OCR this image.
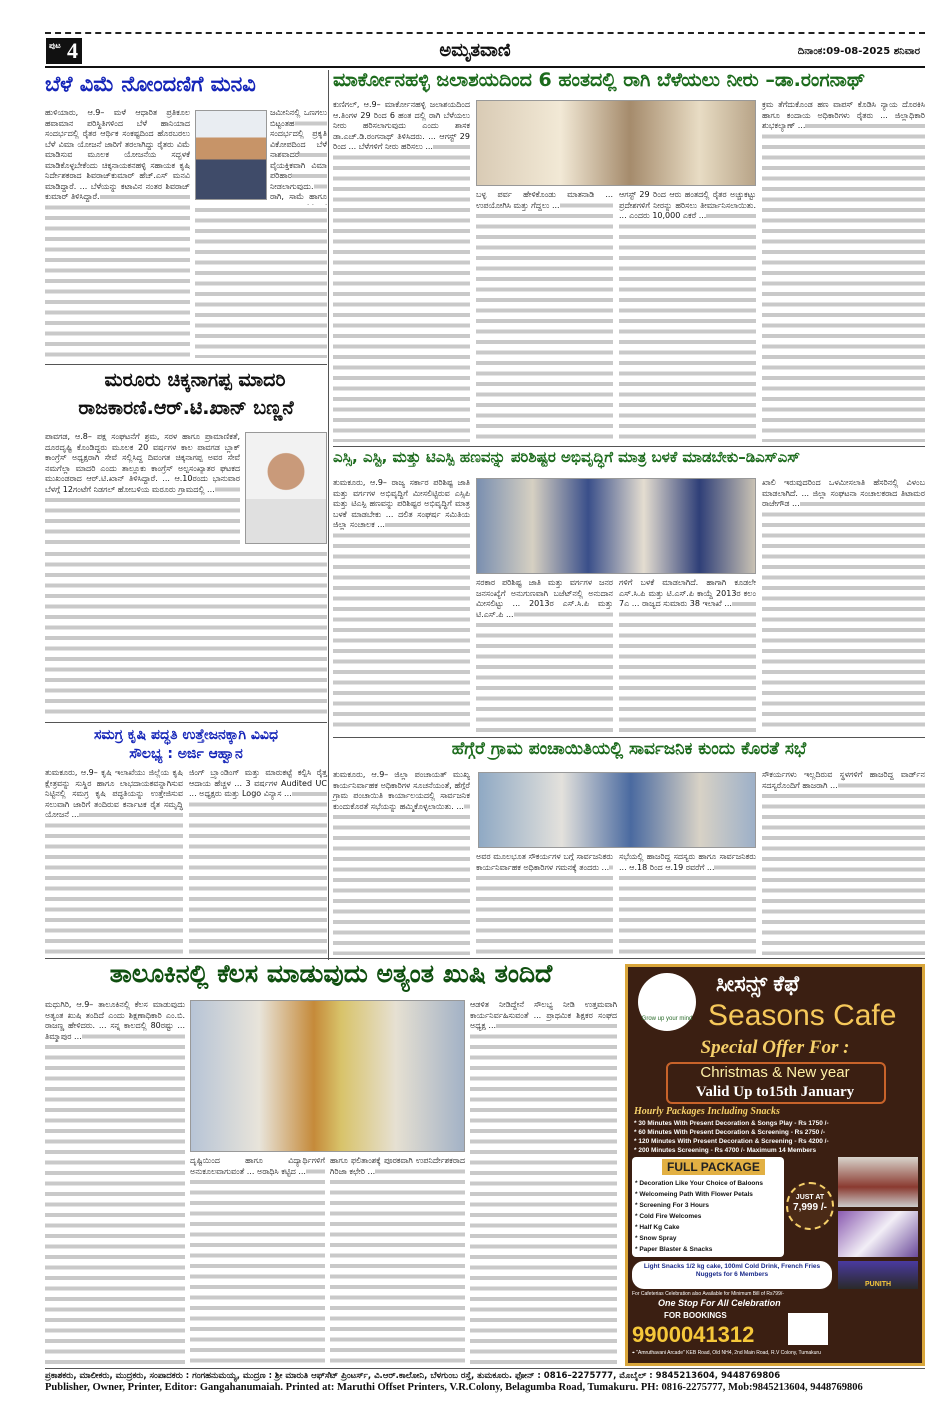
ಪುಟ 4	ಅಮೃತವಾಣಿ	ದಿನಾಂಕ:09-08-2025 ಶನಿವಾರ
ಬೆಳೆ ವಿಮೆ ನೋಂದಣಿಗೆ ಮನವಿ
ಹುಳಿಯಾರು, ಆ.9– ಮಳೆ ಆಧಾರಿತ ಪ್ರತಿಕೂಲ ಹವಾಮಾನ ಪರಿಸ್ಥಿತಿಗಳಿಂದ ಬೆಳೆ ಹಾನಿಯಾದ ಸಂದರ್ಭದಲ್ಲಿ ರೈತರ ಆರ್ಥಿಕ ಸಂಕಷ್ಟದಿಂದ ಹೊರಬರಲು ಬೆಳೆ ವಿಮಾ ಯೋಜನೆ ಜಾರಿಗೆ ತರಲಾಗಿದ್ದು ರೈತರು ವಿಮೆ ಮಾಡಿಸುವ ಮೂಲಕ ಯೋಜನೆಯ ಸದ್ಬಳಕೆ ಮಾಡಿಕೊಳ್ಳಬೇಕೆಂದು ಚಿಕ್ಕನಾಯಕನಹಳ್ಳಿ ಸಹಾಯಕ ಕೃಷಿ ನಿರ್ದೇಶಕರಾದ ಶಿವರಾಜ್‌ಕುಮಾರ್ ಹೆಚ್.ಎಸ್ ಮನವಿ ಮಾಡಿದ್ದಾರೆ. ... ಬೆಳೆಯನ್ನು ಕಟಾವಿನ ನಂತರ ಶಿವರಾಜ್ ಕುಮಾರ್ ತಿಳಿಸಿದ್ದಾರೆ.
ಜಮೀನಿನಲ್ಲಿ ಒಣಗಲು ಬಿಟ್ಟಂತಹ ಸಂದರ್ಭದಲ್ಲಿ ಪ್ರಕೃತಿ ವಿಕೋಪದಿಂದ ಬೆಳೆ ನಾಶವಾದರೆ ವೈಯಕ್ತಿಕವಾಗಿ ವಿಮಾ ಪರಿಹಾರ ನೀಡಲಾಗುವುದು. ರಾಗಿ, ಸಾಮೆ ಹಾಗೂ
ಮರೂರು ಚಿಕ್ಕನಾಗಪ್ಪ ಮಾದರಿ
ರಾಜಕಾರಣಿ.ಆರ್.ಟಿ.ಖಾನ್ ಬಣ್ಣನೆ
ಪಾವಗಡ, ಆ.8– ಪಕ್ಷ ಸಂಘಟನೆಗೆ ಶ್ರಮ, ಸರಳ ಹಾಗೂ ಪ್ರಾಮಾಣಿಕತೆ, ದೂರದೃಷ್ಟಿ ಕೊಂಡಿದ್ದರು ಮೂಲಕ 20 ವರ್ಷಗಳ ಕಾಲ ಪಾವಗಡ ಬ್ಲಾಕ್ ಕಾಂಗ್ರೆಸ್ ಅಧ್ಯಕ್ಷರಾಗಿ ಸೇವೆ ಸಲ್ಲಿಸಿದ್ದ ದಿವಂಗತ ಚಿಕ್ಕನಾಗಪ್ಪ ಅವರ ಸೇವೆ ನಮಗೆಲ್ಲಾ ಮಾದರಿ ಎಂದು ತಾಲ್ಲೂಕು ಕಾಂಗ್ರೆಸ್ ಅಲ್ಪಸಂಖ್ಯಾತರ ಘಟಕದ ಮುಖಂಡರಾದ ಆರ್.ಟಿ.ಖಾನ್ ತಿಳಿಸಿದ್ದಾರೆ. ... ಆ.10ರಂದು ಭಾನುವಾರ ಬೆಳಗ್ಗೆ 12ಗಂಟೆಗೆ ನಿಡಗಲ್ ಹೋಬಳಿಯ ಮರೂರು ಗ್ರಾಮದಲ್ಲಿ ...
ಸಮಗ್ರ ಕೃಷಿ ಪದ್ಧತಿ ಉತ್ತೇಜನಕ್ಕಾಗಿ ವಿವಿಧ
ಸೌಲಭ್ಯ : ಅರ್ಜಿ ಆಹ್ವಾನ
ತುಮಕೂರು, ಆ.9– ಕೃಷಿ ಇಲಾಖೆಯು ಜಿಲ್ಲೆಯ ಕೃಷಿ ಕ್ಷೇತ್ರವನ್ನು ಸುಸ್ಥಿರ ಹಾಗೂ ಲಾಭದಾಯಕವನ್ನಾಗಿಸುವ ನಿಟ್ಟಿನಲ್ಲಿ ಸಮಗ್ರ ಕೃಷಿ ಪದ್ಧತಿಯನ್ನು ಉತ್ತೇಜಿಸುವ ಸಲುವಾಗಿ ಜಾರಿಗೆ ತಂದಿರುವ ಕರ್ನಾಟಕ ರೈತ ಸಮೃದ್ಧಿ ಯೋಜನೆ ...
ಜಿಂಗ್ ಬ್ರ್ಯಾಂಡಿಂಗ್ ಮತ್ತು ಮಾರುಕಟ್ಟೆ ಕಲ್ಪಿಸಿ ರೈತ್ತ ಆದಾಯ ಹೆಚ್ಚಳ ... 3 ವರ್ಷಗಳ Audited UC ... ಅಧ್ಯಕ್ಷರು ಮತ್ತು Logo ವಿನ್ಯಾಸ ...
ಮಾರ್ಕೋನಹಳ್ಳಿ ಜಲಾಶಯದಿಂದ 6 ಹಂತದಲ್ಲಿ ರಾಗಿ ಬೆಳೆಯಲು ನೀರು –ಡಾ.ರಂಗನಾಥ್
ಕುಣಿಗಲ್, ಆ.9– ಮಾರ್ಕೋನಹಳ್ಳಿ ಜಲಾಶಯದಿಂದ ಆ.ತಿಂಗಳ 29 ರಿಂದ 6 ಹಂತ ದಲ್ಲಿ ರಾಗಿ ಬೆಳೆಯಲು ನೀರು ಹರಿಸಲಾಗುವುದು ಎಂದು ಶಾಸಕ ಡಾ.ಎಚ್.ಡಿ.ರಂಗನಾಥ್ ತಿಳಿಸಿದರು. ... ಆಗಸ್ಟ್ 29 ರಿಂದ ... ಬೆಳೆಗಳಿಗೆ ನೀರು ಹರಿಸಲು ...
ಬಳ್ಳ ಪರ್ವ ಹೇಳಿಕೊಂಡು ಮಾತನಾಡಿ ... ಉಪಯೋಗಿಸಿ ಮತ್ತು ಗೆದ್ದಲು ...
ಆಗಸ್ಟ್ 29 ರಿಂದ ಆರು ಹಂತದಲ್ಲಿ ರೈತರ ಅಚ್ಚುಕಟ್ಟು ಪ್ರದೇಶಗಳಿಗೆ ನೀರನ್ನು ಹರಿಸಲು ತೀರ್ಮಾನಿಸಲಾಯಿತು. ... ಎಂದರು 10,000 ಎಕರೆ ...
ಕ್ರಮ ತೆಗೆದುಕೊಂಡ ಹಣ ವಾಪಸ್ ಕೊಡಿಸಿ ನ್ಯಾಯ ದೊರಕಿಸಿ ಹಾಗೂ ಕಂದಾಯ ಅಧಿಕಾರಿಗಳು ರೈತರು ... ಜಿಲ್ಲಾಧಿಕಾರಿ ಶುಭಕಲ್ಯಾಣ್ ...
ಎಸ್ಸಿ, ಎಸ್ಟಿ, ಮತ್ತು ಟಿಎಸ್ಪಿ ಹಣವನ್ನು ಪರಿಶಿಷ್ಟರ ಅಭಿವೃದ್ಧಿಗೆ ಮಾತ್ರ ಬಳಕೆ ಮಾಡಬೇಕು–ಡಿಎಸ್‌ಎಸ್
ತುಮಕೂರು, ಆ.9– ರಾಜ್ಯ ಸರ್ಕಾರ ಪರಿಶಿಷ್ಟ ಜಾತಿ ಮತ್ತು ವರ್ಗಗಳ ಅಭಿವೃದ್ಧಿಗೆ ಮೀಸಲಿಟ್ಟಿರುವ ಎಸ್ಸಿಪಿ ಮತ್ತು ಟಿಎಸ್ಪಿ ಹಣವನ್ನು ಪರಿಶಿಷ್ಟರ ಅಭಿವೃದ್ಧಿಗೆ ಮಾತ್ರ ಬಳಕೆ ಮಾಡಬೇಕು ... ದಲಿತ ಸಂಘರ್ಷ ಸಮಿತಿಯ ಜಿಲ್ಲಾ ಸಂಚಾಲಕ ...
ಸರಕಾರ ಪರಿಶಿಷ್ಟ ಜಾತಿ ಮತ್ತು ವರ್ಗಗಳ ಜನರ ಜನಸಂಖ್ಯೆಗೆ ಅನುಗುಣವಾಗಿ ಬಜೆಟ್‌ನಲ್ಲಿ ಅನುದಾನ ಮೀಸಲಿಟ್ಟು ... 2013ರ ಎಸ್.ಸಿ.ಪಿ ಮತ್ತು ಟಿ.ಎಸ್.ಪಿ ...
ಗಳಿಗೆ ಬಳಕೆ ಮಾಡಲಾಗಿದೆ. ಹಾಗಾಗಿ ಕೂಡಲೇ ಎಸ್.ಸಿ.ಪಿ ಮತ್ತು ಟಿ.ಎಸ್.ಪಿ ಕಾಯ್ದೆ 2013ರ ಕಲಂ 7ಎ ... ರಾಜ್ಯದ ಸುಮಾರು 38 ಇಲಾಖೆ ...
ಖಾಲಿ ಇರುವುದರಿಂದ ಒಳಮೀಸಲಾತಿ ಹೆಸರಿನಲ್ಲಿ ವಿಳಂಬ ಮಾಡಲಾಗಿದೆ. ... ಜಿಲ್ಲಾ ಸಂಘಟನಾ ಸಂಚಾಲಕರಾದ ತಿಟಾಮರ ರಾಜೇಗೌಡ ...
ಹೆಗ್ಗೆರೆ ಗ್ರಾಮ ಪಂಚಾಯಿತಿಯಲ್ಲಿ ಸಾರ್ವಜನಿಕ ಕುಂದು ಕೊರತೆ ಸಭೆ
ತುಮಕೂರು, ಆ.9– ಜಿಲ್ಲಾ ಪಂಚಾಯತ್ ಮುಖ್ಯ ಕಾರ್ಯನಿರ್ವಾಹಕ ಅಧಿಕಾರಿಗಳ ಸೂಚನೆಯಂತೆ, ಹೆಗ್ಗೆರೆ ಗ್ರಾಮ ಪಂಚಾಯಿತಿ ಕಾರ್ಯಾಲಯದಲ್ಲಿ ಸಾರ್ವಜನಿಕ ಕುಂದುಕೊರತೆ ಸಭೆಯನ್ನು ಹಮ್ಮಿಕೊಳ್ಳಲಾಯಿತು. ...
ಅವರ ಮೂಲಭೂತ ಸೌಕರ್ಯಗಳ ಬಗ್ಗೆ ಸಾರ್ವಜನಿಕರು ಕಾರ್ಯನಿರ್ವಾಹಕ ಅಧಿಕಾರಿಗಳ ಗಮನಕ್ಕೆ ತಂದರು ...
ಸಭೆಯಲ್ಲಿ ಹಾಜರಿದ್ದ ಸದಸ್ಯರು ಹಾಗೂ ಸಾರ್ವಜನಿಕರು ... ಆ.18 ರಿಂದ ಆ.19 ರವರೆಗೆ ...
ಸೌಕರ್ಯಗಳು ಇಲ್ಲದಿರುವ ಸ್ಥಳಗಳಿಗೆ ಹಾಜರಿದ್ದ ವಾರ್ಡ್‌ನ ಸದಸ್ಯರೊಂದಿಗೆ ಹಾಜರಾಗಿ ...
ತಾಲೂಕಿನಲ್ಲಿ ಕೆಲಸ ಮಾಡುವುದು ಅತ್ಯಂತ ಖುಷಿ ತಂದಿದೆ
ಮಧುಗಿರಿ, ಆ.9– ತಾಲೂಕಿನಲ್ಲಿ ಕೆಲಸ ಮಾಡುವುದು ಅತ್ಯಂತ ಖುಷಿ ತಂದಿದೆ ಎಂದು ಶಿಕ್ಷಣಾಧಿಕಾರಿ ಎಂ.ಬಿ. ರಾಜಣ್ಣ ಹೇಳಿದರು. ... ಸನ್ನ ಕಾಲದಲ್ಲಿ 80ರಷ್ಟು ... ತಿಮ್ಮಾಪುರ ...
ದೃಷ್ಟಿಯಿಂದ ಹಾಗೂ ವಿದ್ಯಾರ್ಥಿಗಳಿಗೆ ಅನುಕೂಲವಾಗುವಂತೆ ... ಅರಾಧಿಸಿ ಕಟ್ಟಿದ ...
ಹಾಗೂ ಫಲಿತಾಂಶಕ್ಕೆ ಪೂರಕವಾಗಿ ಉಪನಿರ್ದೇಶಕರಾದ ಗಿರಿಜಾ ಕಛೇರಿ ...
ಆಡಳಿತ ನೀಡಿದ್ದೇನೆ ಸೌಲಭ್ಯ ನೀಡಿ ಉತ್ತಮವಾಗಿ ಕಾರ್ಯನಿರ್ವಹಿಸುವಂತೆ ... ಪ್ರಾಥಮಿಕ ಶಿಕ್ಷಕರ ಸಂಘದ ಅಧ್ಯಕ್ಷ ...
Grow up your mind
ಸೀಸನ್ಸ್ ಕೆಫೆ
Seasons Cafe
Special Offer For :
Christmas & New year
Valid Up to15th January
Hourly Packages Including Snacks
* 30 Minutes With Present Decoration & Songs Play - Rs 1750 /-
* 60 Minutes With Present Decoration & Screening - Rs 2750 /-
* 120 Minutes With Present Decoration & Screening - Rs 4200 /-
* 200 Minutes Screening - Rs 4700 /- Maximum 14 Members
FULL PACKAGE
* Decoration Like Your Choice of Baloons
* Welcomeing Path With Flower Petals
* Screening For 3 Hours
* Cold Fire Welcomes
* Half Kg Cake
* Snow Spray
* Paper Blaster & Snacks
JUST AT
7,999 /-
PUNITH
Light Snacks 1/2 kg cake, 100ml Cold Drink, French Fries Nuggets for 6 Members
For Cafeterias Celebration also Available for Minimum Bill of Rs799/-
One Stop For All Celebration
FOR BOOKINGS
9900041312
⌖ "Amruthavani Arcade" KEB Road, Old NH4, 2nd Main Road, R.V Colony, Tumakuru
ಪ್ರಕಾಶಕರು, ಮಾಲೀಕರು, ಮುದ್ರಕರು, ಸಂಪಾದಕರು : ಗಂಗಹನುಮಯ್ಯ, ಮುದ್ರಣ : ಶ್ರೀ ಮಾರುತಿ ಆಫ್‌ಸೆಟ್ ಪ್ರಿಂಟರ್ಸ್, ವಿ.ಆರ್.ಕಾಲೋನಿ, ಬೆಳಗುಂಬ ರಸ್ತೆ, ತುಮಕೂರು. ಫೋನ್ : 0816–2275777, ಮೊಬೈಲ್ : 9845213604, 9448769806
Publisher, Owner, Printer, Editor: Gangahanumaiah. Printed at: Maruthi Offset Printers, V.R.Colony, Belagumba Road, Tumakuru. PH: 0816-2275777, Mob:9845213604, 9448769806
